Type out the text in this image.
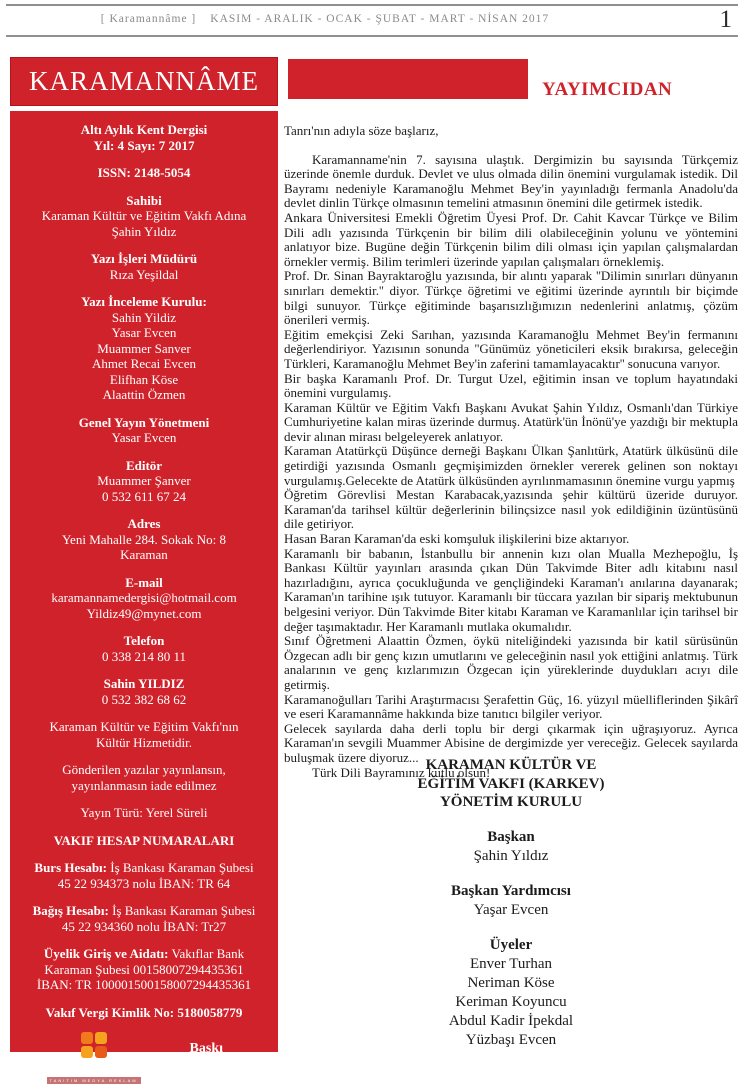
[ Karamannâme ] KASIM - ARALIK - OCAK - ŞUBAT - MART - NİSAN 2017	1
KARAMANNÂME
Altı Aylık Kent Dergisi
Yıl: 4 Sayı: 7 2017
ISSN: 2148-5054
Sahibi
Karaman Kültür ve Eğitim Vakfı Adına
Şahin Yıldız
Yazı İşleri Müdürü
Rıza Yeşildal
Yazı İnceleme Kurulu:
Sahin Yildiz
Yasar Evcen
Muammer Sanver
Ahmet Recai Evcen
Elifhan Köse
Alaattin Özmen
Genel Yayın Yönetmeni
Yasar Evcen
Editör
Muammer Şanver
0 532 611 67 24
Adres
Yeni Mahalle 284. Sokak No: 8
Karaman
E-mail
karamannamedergisi@hotmail.com
Yildiz49@mynet.com
Telefon
0 338 214 80 11
Sahin YILDIZ
0 532 382 68 62
Karaman Kültür ve Eğitim Vakfı'nın
Kültür Hizmetidir.
Gönderilen yazılar yayınlansın,
yayınlanmasın iade edilmez
Yayın Türü: Yerel Süreli
VAKIF HESAP NUMARALARI
Burs Hesabı: İş Bankası Karaman Şubesi
45 22 934373 nolu İBAN: TR 64
Bağış Hesabı: İş Bankası Karaman Şubesi
45 22 934360 nolu İBAN: Tr27
Üyelik Giriş ve Aidatı: Vakıflar Bank
Karaman Şubesi 00158007294435361
İBAN: TR 100001500158007294435361
Vakıf Vergi Kimlik No: 5180058779
murat tugan
TANITIM MEDYA REKLAM
Baskı
Doğuş Ofset
YAYIMCIDAN

Tanrı'nın adıyla söze başlarız,

Karamanname'nin 7. sayısına ulaştık. Dergimizin bu sayısında Türkçemiz üzerinde önemle durduk. Devlet ve ulus olmada dilin önemini vurgulamak istedik. Dil Bayramı nedeniyle Karamanoğlu Mehmet Bey'in yayınladığı fermanla Anadolu'da devlet dinlin Türkçe olmasının temelini atmasının önemini dile getirmek istedik.

Ankara Üniversitesi Emekli Öğretim Üyesi Prof. Dr. Cahit Kavcar Türkçe ve Bilim Dili adlı yazısında Türkçenin bir bilim dili olabileceğinin yolunu ve yöntemini anlatıyor bize. Bugüne değin Türkçenin bilim dili olması için yapılan çalışmalardan örnekler vermiş. Bilim terimleri üzerinde yapılan çalışmaları örneklemiş.

Prof. Dr. Sinan Bayraktaroğlu yazısında, bir alıntı yaparak ''Dilimin sınırları dünyanın sınırları demektir.'' diyor. Türkçe öğretimi ve eğitimi üzerinde ayrıntılı bir biçimde bilgi sunuyor. Türkçe eğitiminde başarısızlığımızın nedenlerini anlatmış, çözüm önerileri vermiş.

Eğitim emekçisi Zeki Sarıhan, yazısında Karamanoğlu Mehmet Bey'in fermanını değerlendiriyor. Yazısının sonunda ''Günümüz yöneticileri eksik bırakırsa, geleceğin Türkleri, Karamanoğlu Mehmet Bey'in zaferini tamamlayacaktır'' sonucuna varıyor.

Bir başka Karamanlı Prof. Dr. Turgut Uzel, eğitimin insan ve toplum hayatındaki önemini vurgulamış.

Karaman Kültür ve Eğitim Vakfı Başkanı Avukat Şahin Yıldız, Osmanlı'dan Türkiye Cumhuriyetine kalan miras üzerinde durmuş. Atatürk'ün İnönü'ye yazdığı bir mektupla devir alınan mirası belgeleyerek anlatıyor.

Karaman Atatürkçü Düşünce derneği Başkanı Ülkan Şanlıtürk, Atatürk ülküsünü dile getirdiği yazısında Osmanlı geçmişimizden örnekler vererek gelinen son noktayı vurgulamış.Gelecekte de Atatürk ülküsünden ayrılınmamasının önemine vurgu yapmış

Öğretim Görevlisi Mestan Karabacak,yazısında şehir kültürü üzeride duruyor. Karaman'da tarihsel kültür değerlerinin bilinçsizce nasıl yok edildiğinin üzüntüsünü dile getiriyor.

Hasan Baran Karaman'da eski komşuluk ilişkilerini bize aktarıyor.

Karamanlı bir babanın, İstanbullu bir annenin kızı olan Mualla Mezhepoğlu, İş Bankası Kültür yayınları arasında çıkan Dün Takvimde Biter adlı kitabını nasıl hazırladığını, ayrıca çocukluğunda ve gençliğindeki Karaman'ı anılarına dayanarak; Karaman'ın tarihine ışık tutuyor. Karamanlı bir tüccara yazılan bir sipariş mektubunun belgesini veriyor. Dün Takvimde Biter kitabı Karaman ve Karamanlılar için tarihsel bir değer taşımaktadır. Her Karamanlı mutlaka okumalıdır.

Sınıf Öğretmeni Alaattin Özmen, öykü niteliğindeki yazısında bir katil sürüsünün Özgecan adlı bir genç kızın umutlarını ve geleceğinin nasıl yok ettiğini anlatmış. Türk analarının ve genç kızlarımızın Özgecan için yüreklerinde duydukları acıyı dile getirmiş.

Karamanoğulları Tarihi Araştırmacısı Şerafettin Güç, 16. yüzyıl müelliflerinden Şikârî ve eseri Karamannâme hakkında bize tanıtıcı bilgiler veriyor.

Gelecek sayılarda daha derli toplu bir dergi çıkarmak için uğraşıyoruz. Ayrıca Karaman'ın sevgili Muammer Abisine de dergimizde yer vereceğiz. Gelecek sayılarda buluşmak üzere diyoruz...

Türk Dili Bayramınız kutlu olsun!

KARAMAN KÜLTÜR VE
EĞİTİM VAKFI (KARKEV)
YÖNETİM KURULU
Başkan
Şahin Yıldız
Başkan Yardımcısı
Yaşar Evcen
Üyeler
Enver Turhan
Neriman Köse
Keriman Koyuncu
Abdul Kadir İpekdal
Yüzbaşı Evcen
